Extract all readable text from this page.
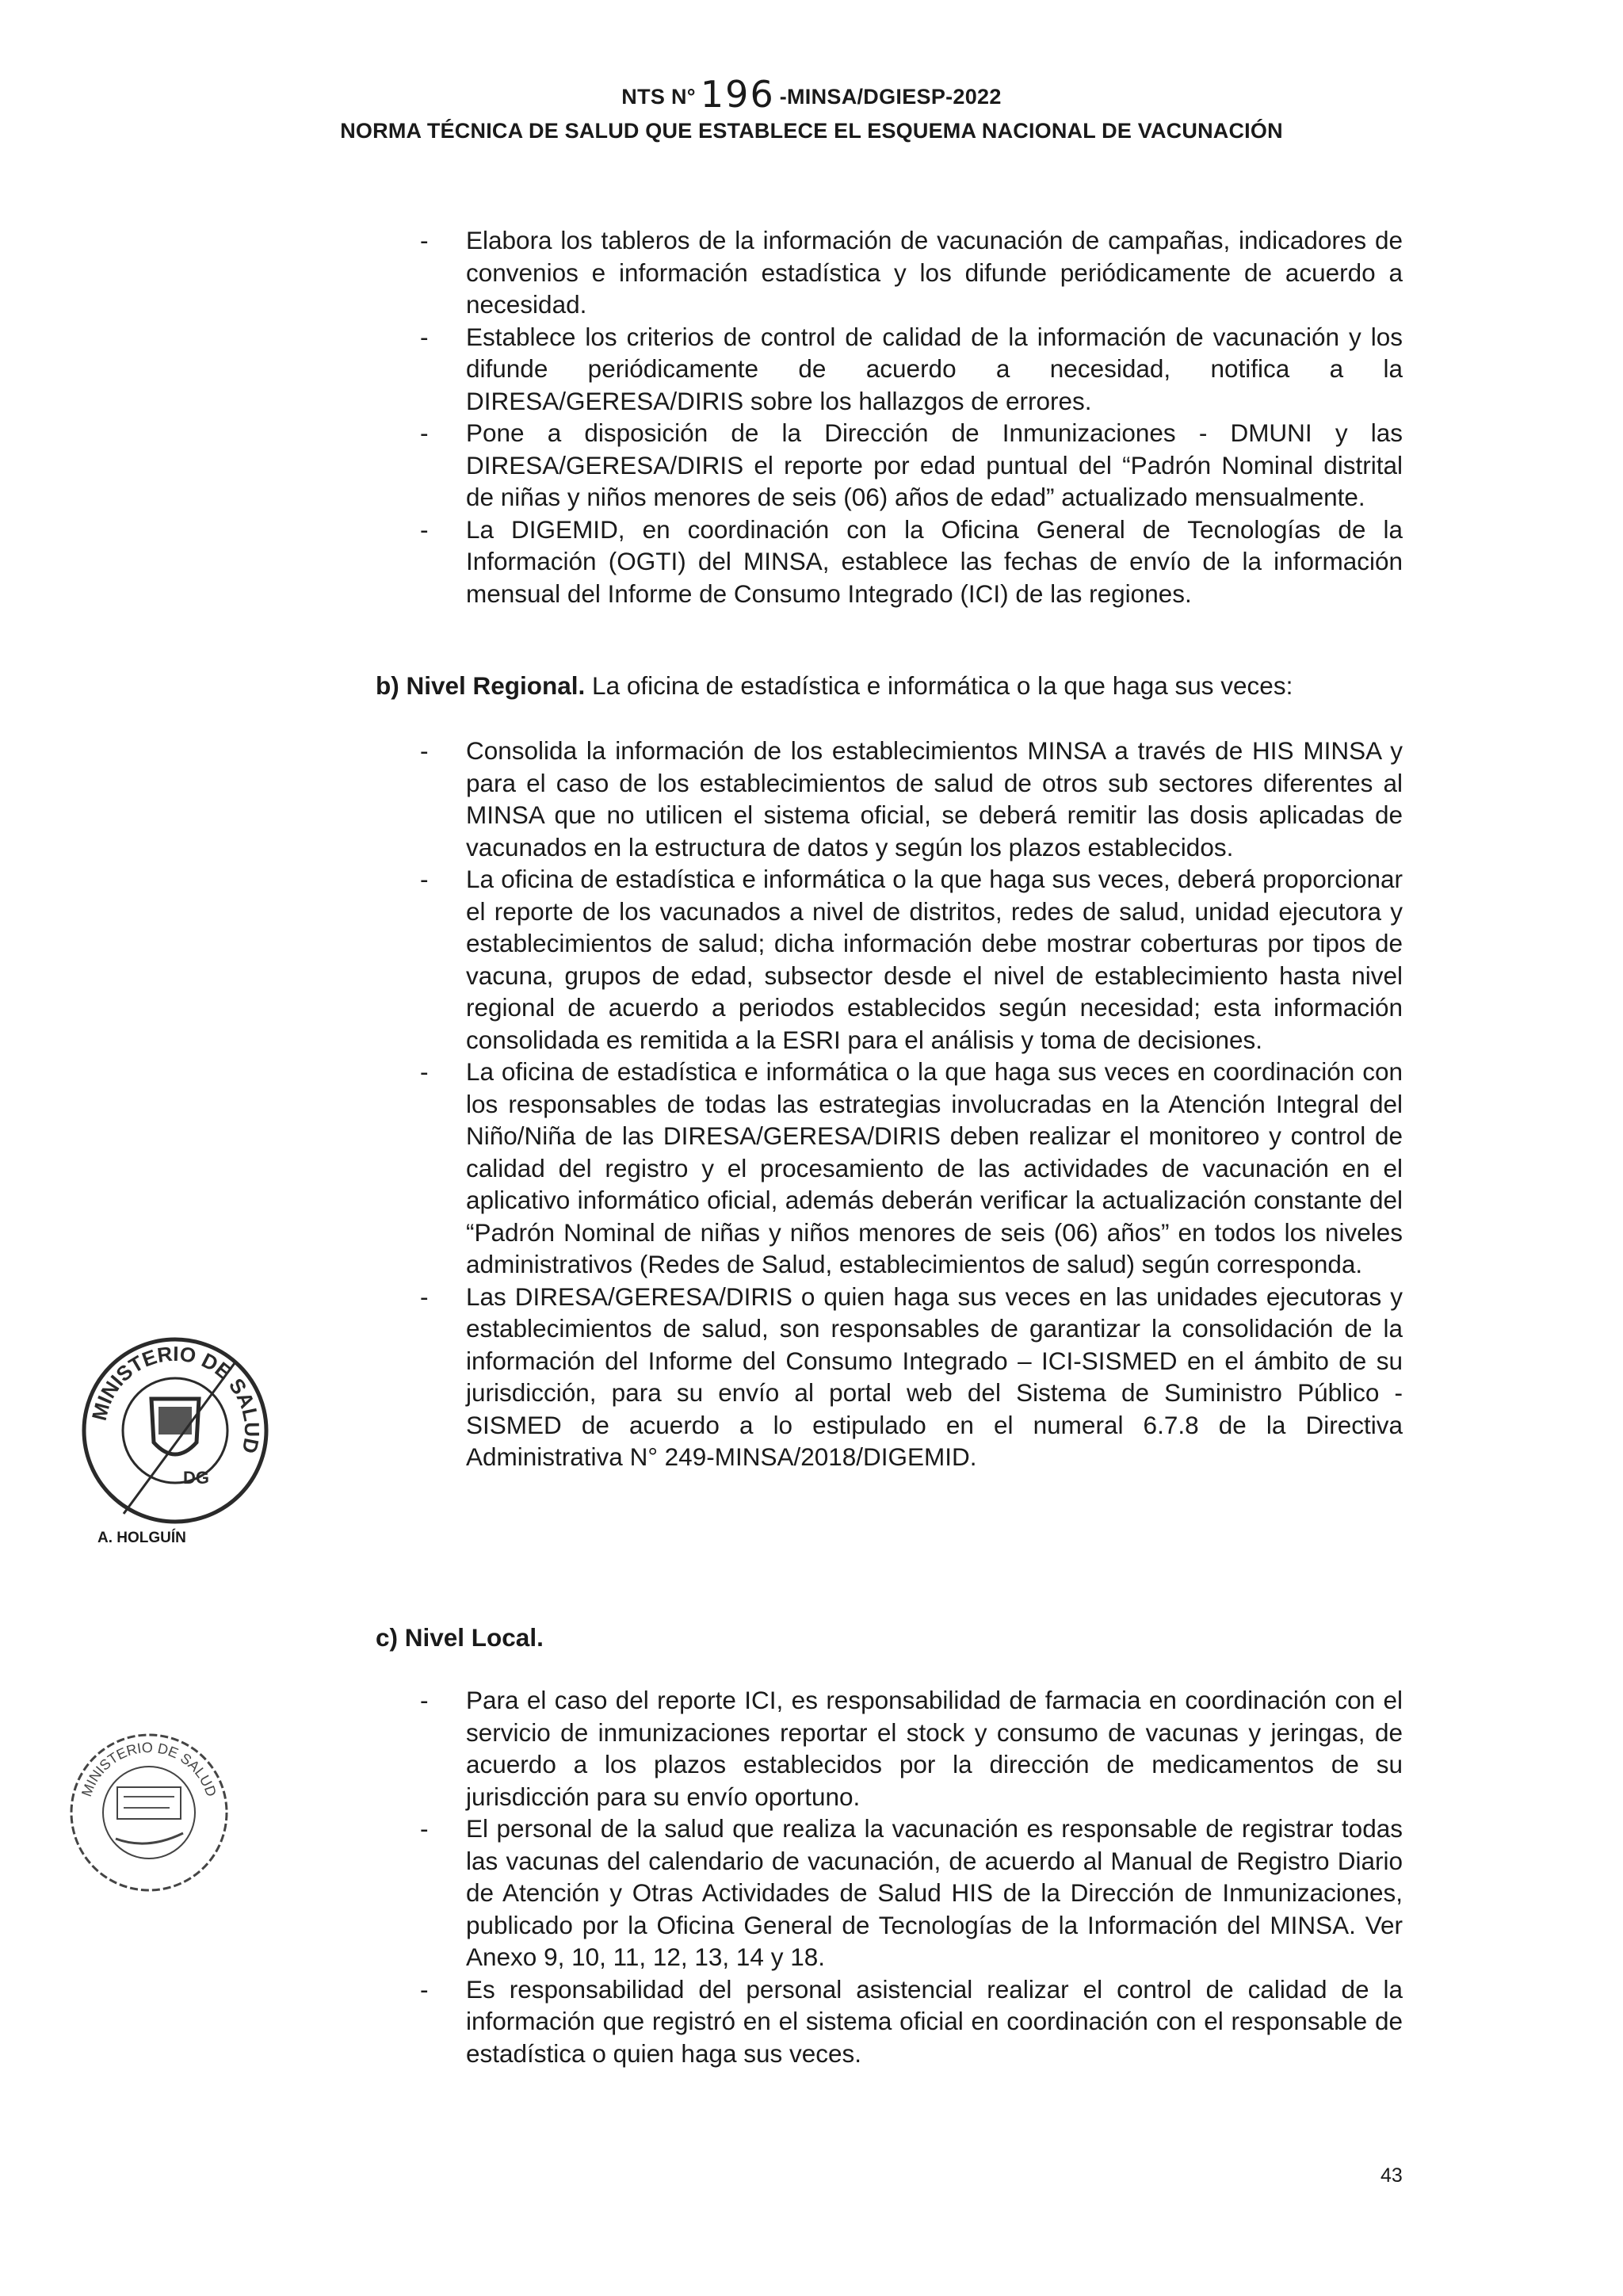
NTS N° 196 -MINSA/DGIESP-2022
NORMA TÉCNICA DE SALUD QUE ESTABLECE EL ESQUEMA NACIONAL DE VACUNACIÓN
- Elabora los tableros de la información de vacunación de campañas, indicadores de convenios e información estadística y los difunde periódicamente de acuerdo a necesidad.
- Establece los criterios de control de calidad de la información de vacunación y los difunde periódicamente de acuerdo a necesidad, notifica a la DIRESA/GERESA/DIRIS sobre los hallazgos de errores.
- Pone a disposición de la Dirección de Inmunizaciones - DMUNI y las DIRESA/GERESA/DIRIS el reporte por edad puntual del “Padrón Nominal distrital de niñas y niños menores de seis (06) años de edad” actualizado mensualmente.
- La DIGEMID, en coordinación con la Oficina General de Tecnologías de la Información (OGTI) del MINSA, establece las fechas de envío de la información mensual del Informe de Consumo Integrado (ICI) de las regiones.
b) Nivel Regional. La oficina de estadística e informática o la que haga sus veces:
- Consolida la información de los establecimientos MINSA a través de HIS MINSA y para el caso de los establecimientos de salud de otros sub sectores diferentes al MINSA que no utilicen el sistema oficial, se deberá remitir las dosis aplicadas de vacunados en la estructura de datos y según los plazos establecidos.
- La oficina de estadística e informática o la que haga sus veces, deberá proporcionar el reporte de los vacunados a nivel de distritos, redes de salud, unidad ejecutora y establecimientos de salud; dicha información debe mostrar coberturas por tipos de vacuna, grupos de edad, subsector desde el nivel de establecimiento hasta nivel regional de acuerdo a periodos establecidos según necesidad; esta información consolidada es remitida a la ESRI para el análisis y toma de decisiones.
- La oficina de estadística e informática o la que haga sus veces en coordinación con los responsables de todas las estrategias involucradas en la Atención Integral del Niño/Niña de las DIRESA/GERESA/DIRIS deben realizar el monitoreo y control de calidad del registro y el procesamiento de las actividades de vacunación en el aplicativo informático oficial, además deberán verificar la actualización constante del “Padrón Nominal de niñas y niños menores de seis (06) años” en todos los niveles administrativos (Redes de Salud, establecimientos de salud) según corresponda.
- Las DIRESA/GERESA/DIRIS o quien haga sus veces en las unidades ejecutoras y establecimientos de salud, son responsables de garantizar la consolidación de la información del Informe del Consumo Integrado – ICI-SISMED en el ámbito de su jurisdicción, para su envío al portal web del Sistema de Suministro Público - SISMED de acuerdo a lo estipulado en el numeral 6.7.8 de la Directiva Administrativa N° 249-MINSA/2018/DIGEMID.
c) Nivel Local.
- Para el caso del reporte ICI, es responsabilidad de farmacia en coordinación con el servicio de inmunizaciones reportar el stock y consumo de vacunas y jeringas, de acuerdo a los plazos establecidos por la dirección de medicamentos de su jurisdicción para su envío oportuno.
- El personal de la salud que realiza la vacunación es responsable de registrar todas las vacunas del calendario de vacunación, de acuerdo al Manual de Registro Diario de Atención y Otras Actividades de Salud HIS de la Dirección de Inmunizaciones, publicado por la Oficina General de Tecnologías de la Información del MINSA. Ver Anexo 9, 10, 11, 12, 13, 14 y 18.
- Es responsabilidad del personal asistencial realizar el control de calidad de la información que registró en el sistema oficial en coordinación con el responsable de estadística o quien haga sus veces.
MINISTERIO DE SALUD
DG
A. HOLGUÍN
MINISTERIO DE SALUD
43
